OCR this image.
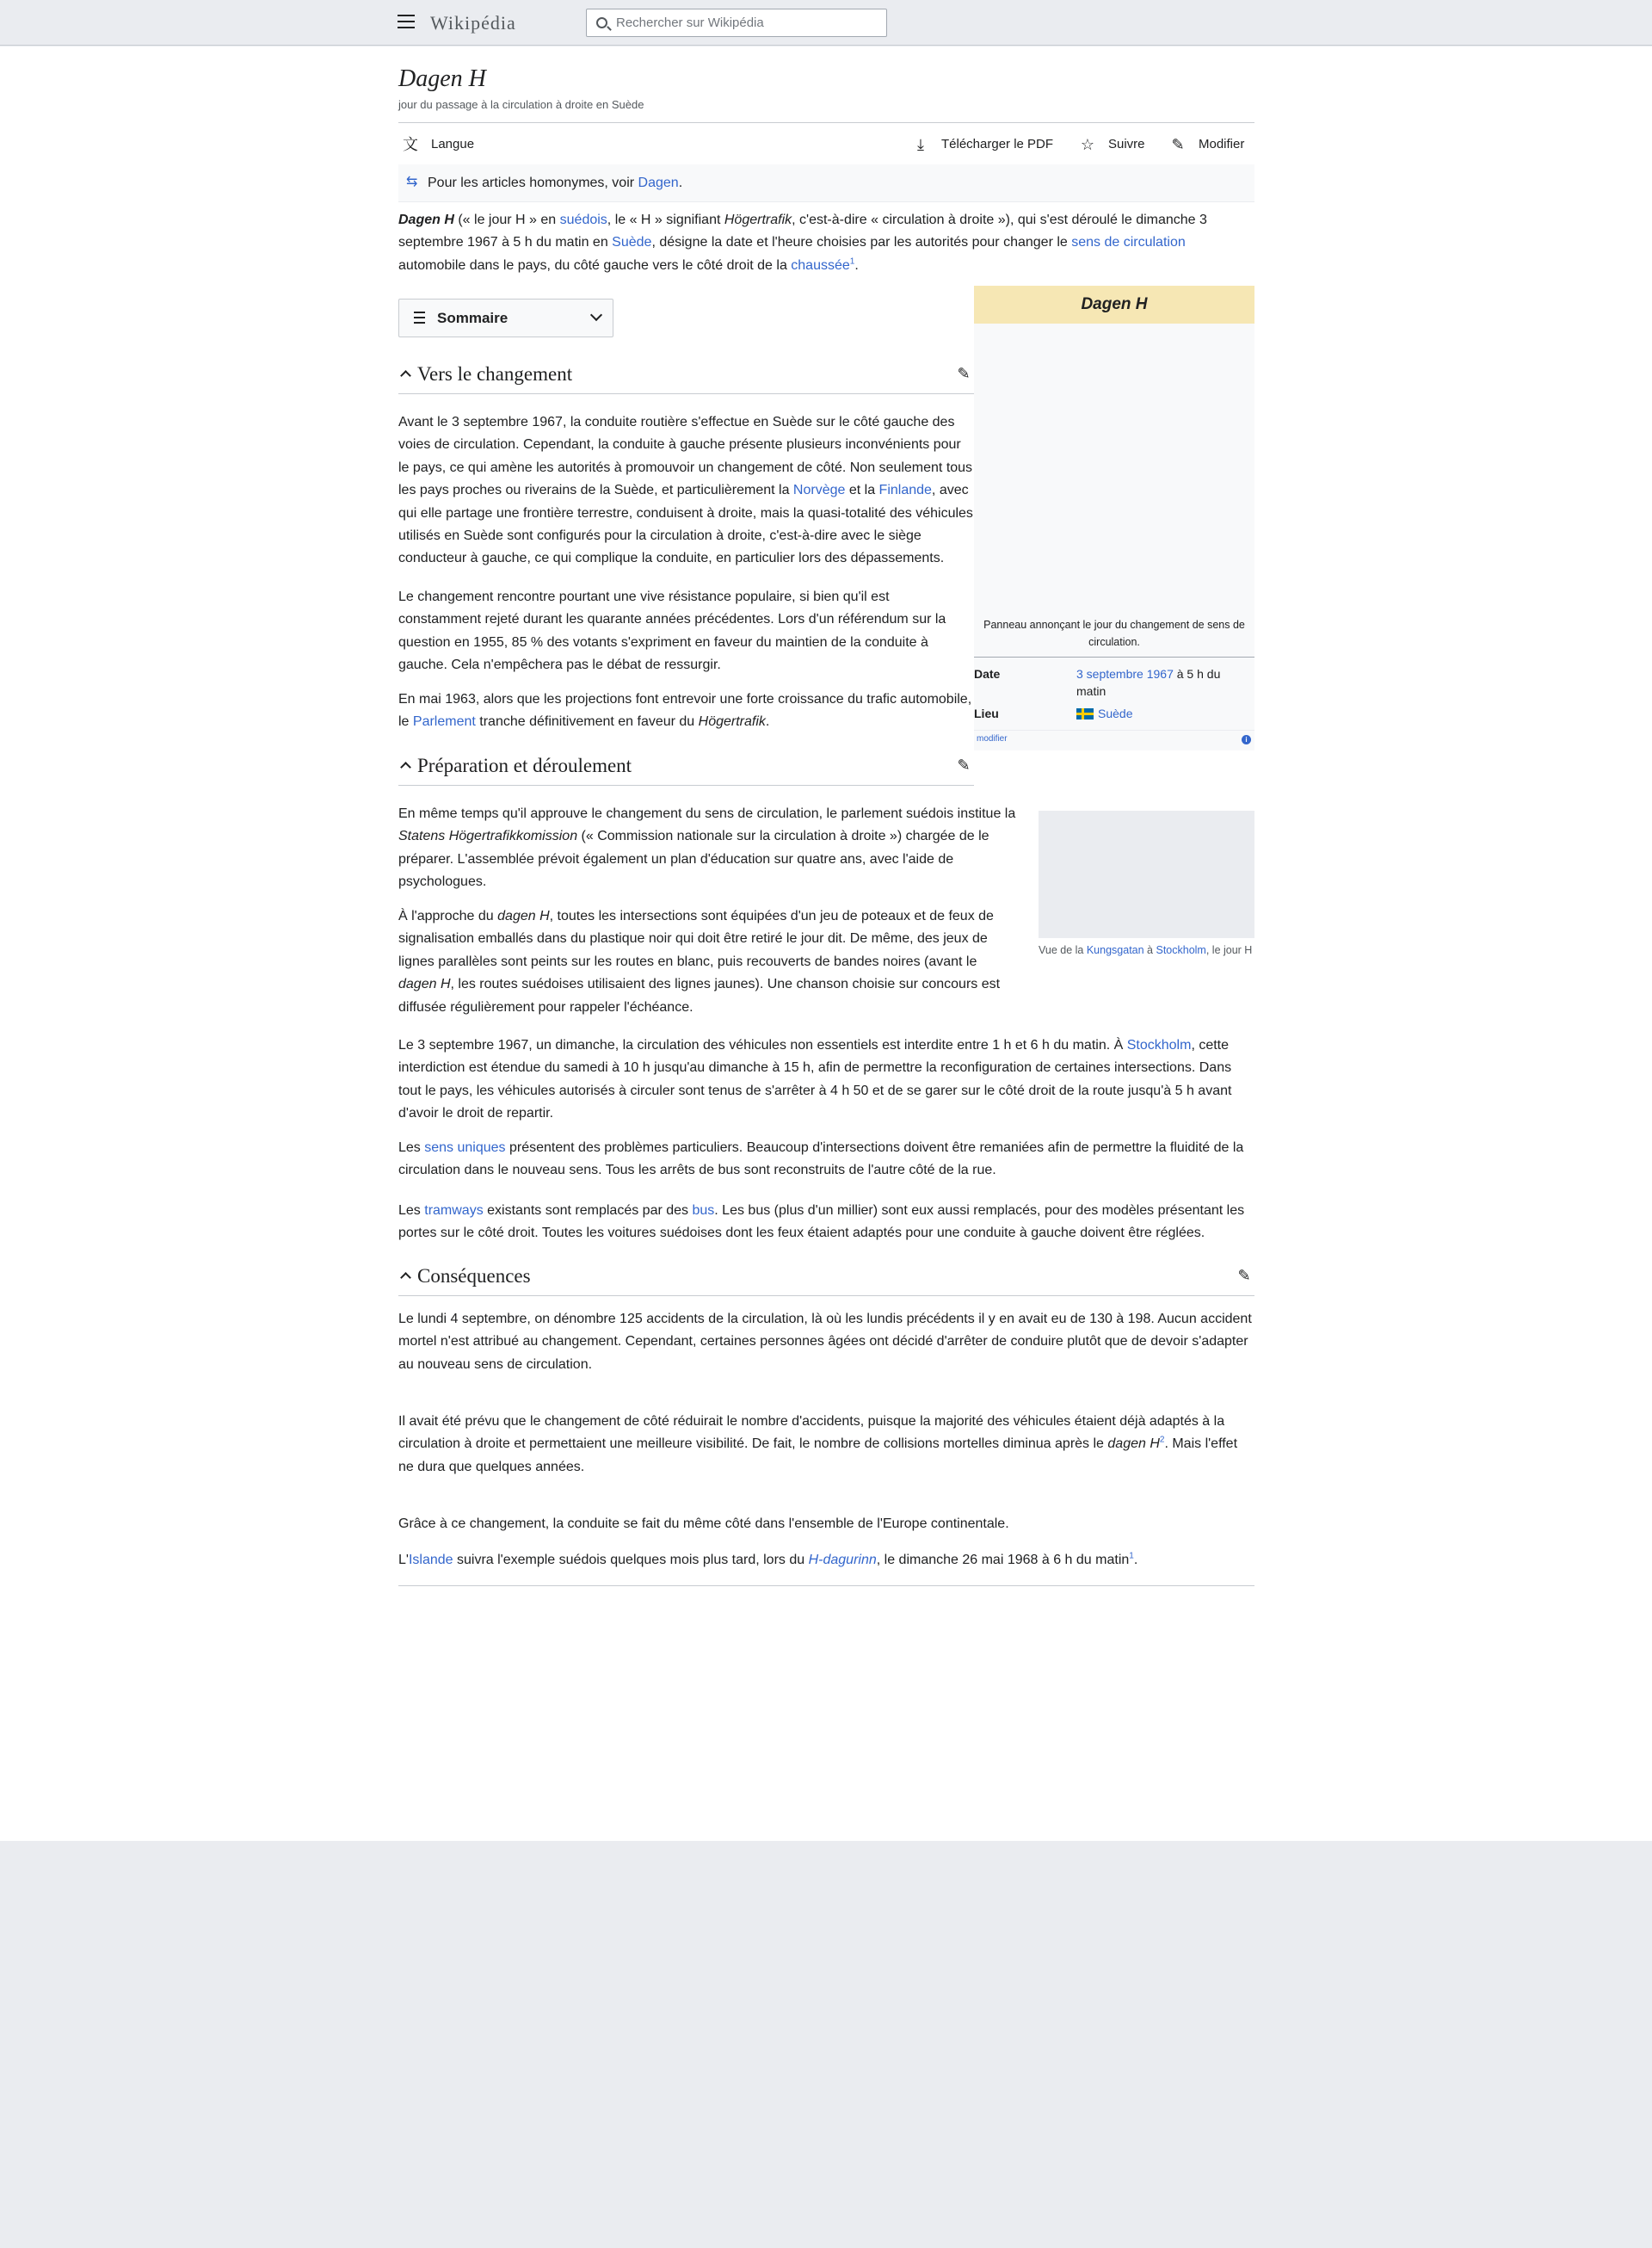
Wikipédia	Rechercher sur Wikipédia
Dagen H
jour du passage à la circulation à droite en Suède
文 Langue	⤓	Télécharger le PDF ☆ Suivre ✎ Modifier
⇆ Pour les articles homonymes, voir Dagen.

Dagen H (« le jour H » en suédois, le « H » signifiant Högertrafik, c'est-à-dire « circulation à droite »), qui s'est déroulé le dimanche 3 septembre 1967 à 5 h du matin en Suède, désigne la date et l'heure choisies par les autorités pour changer le sens de circulation automobile dans le pays, du côté gauche vers le côté droit de la chaussée$^1$.

Sommaire
Dagen H
Panneau annonçant le jour du changement de sens de circulation.
Date	3 septembre 1967 à 5 h du matin
Lieu	Suède
modifier	i
Vers le changement	✎

Avant le 3 septembre 1967, la conduite routière s'effectue en Suède sur le côté gauche des voies de circulation. Cependant, la conduite à gauche présente plusieurs inconvénients pour le pays, ce qui amène les autorités à promouvoir un changement de côté. Non seulement tous les pays proches ou riverains de la Suède, et particulièrement la Norvège et la Finlande, avec qui elle partage une frontière terrestre, conduisent à droite, mais la quasi-totalité des véhicules utilisés en Suède sont configurés pour la circulation à droite, c'est-à-dire avec le siège conducteur à gauche, ce qui complique la conduite, en particulier lors des dépassements.

Le changement rencontre pourtant une vive résistance populaire, si bien qu'il est constamment rejeté durant les quarante années précédentes. Lors d'un référendum sur la question en 1955, 85 % des votants s'expriment en faveur du maintien de la conduite à gauche. Cela n'empêchera pas le débat de ressurgir.

En mai 1963, alors que les projections font entrevoir une forte croissance du trafic automobile, le Parlement tranche définitivement en faveur du Högertrafik.

Préparation et déroulement	✎
Vue de la Kungsgatan à Stockholm, le jour H

En même temps qu'il approuve le changement du sens de circulation, le parlement suédois institue la Statens Högertrafikkomission (« Commission nationale sur la circulation à droite ») chargée de le préparer. L'assemblée prévoit également un plan d'éducation sur quatre ans, avec l'aide de psychologues.

À l'approche du dagen H, toutes les intersections sont équipées d'un jeu de poteaux et de feux de signalisation emballés dans du plastique noir qui doit être retiré le jour dit. De même, des jeux de lignes parallèles sont peints sur les routes en blanc, puis recouverts de bandes noires (avant le dagen H, les routes suédoises utilisaient des lignes jaunes). Une chanson choisie sur concours est diffusée régulièrement pour rappeler l'échéance.

Le 3 septembre 1967, un dimanche, la circulation des véhicules non essentiels est interdite entre 1 h et 6 h du matin. À Stockholm, cette interdiction est étendue du samedi à 10 h jusqu'au dimanche à 15 h, afin de permettre la reconfiguration de certaines intersections. Dans tout le pays, les véhicules autorisés à circuler sont tenus de s'arrêter à 4 h 50 et de se garer sur le côté droit de la route jusqu'à 5 h avant d'avoir le droit de repartir.

Les sens uniques présentent des problèmes particuliers. Beaucoup d'intersections doivent être remaniées afin de permettre la fluidité de la circulation dans le nouveau sens. Tous les arrêts de bus sont reconstruits de l'autre côté de la rue.

Les tramways existants sont remplacés par des bus. Les bus (plus d'un millier) sont eux aussi remplacés, pour des modèles présentant les portes sur le côté droit. Toutes les voitures suédoises dont les feux étaient adaptés pour une conduite à gauche doivent être réglées.

Conséquences	✎

Le lundi 4 septembre, on dénombre 125 accidents de la circulation, là où les lundis précédents il y en avait eu de 130 à 198. Aucun accident mortel n'est attribué au changement. Cependant, certaines personnes âgées ont décidé d'arrêter de conduire plutôt que de devoir s'adapter au nouveau sens de circulation.

Il avait été prévu que le changement de côté réduirait le nombre d'accidents, puisque la majorité des véhicules étaient déjà adaptés à la circulation à droite et permettaient une meilleure visibilité. De fait, le nombre de collisions mortelles diminua après le dagen H$^2$. Mais l'effet ne dura que quelques années.

Grâce à ce changement, la conduite se fait du même côté dans l'ensemble de l'Europe continentale.

L'Islande suivra l'exemple suédois quelques mois plus tard, lors du H-dagurinn, le dimanche 26 mai 1968 à 6 h du matin$^1$.
